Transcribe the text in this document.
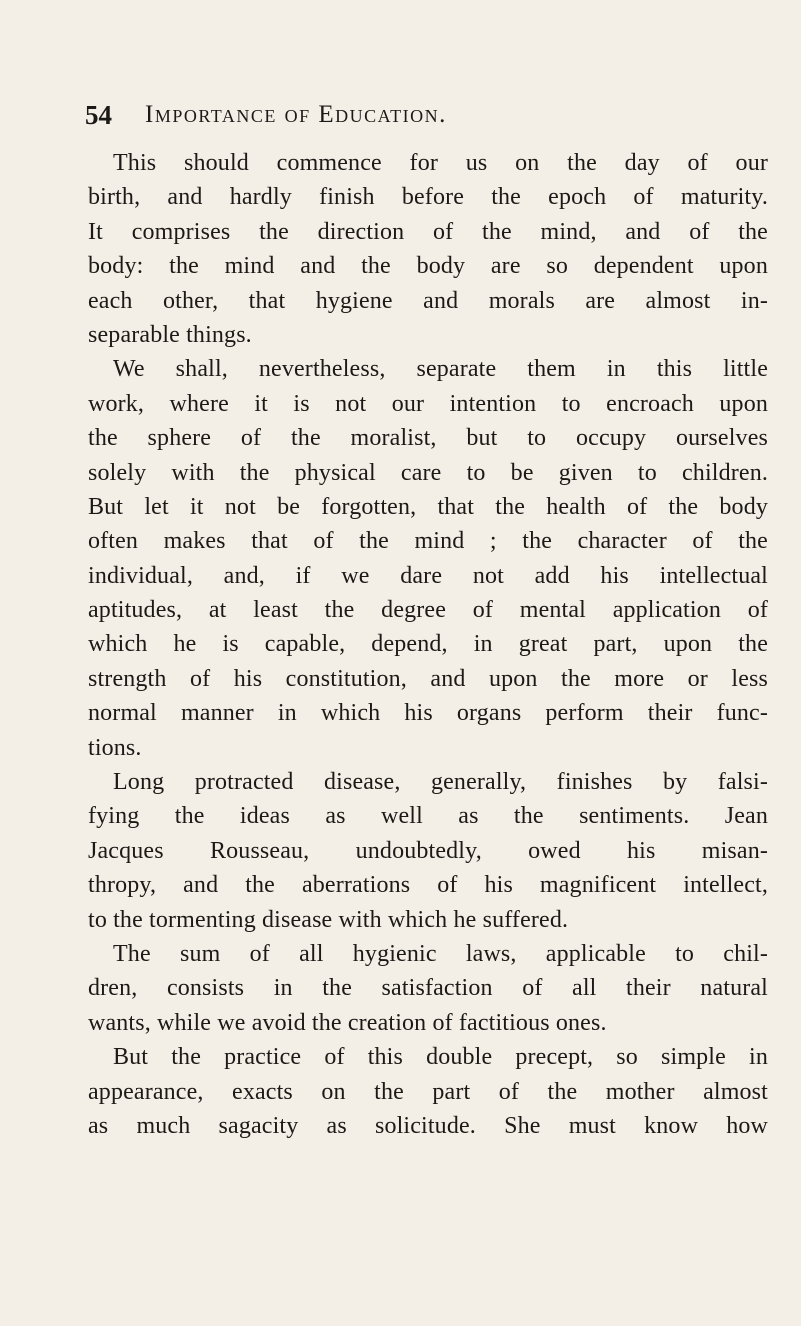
54 Importance of Education.
This should commence for us on the day of our
birth, and hardly finish before the epoch of maturity.
It comprises the direction of the mind, and of the
body: the mind and the body are so dependent upon
each other, that hygiene and morals are almost in-
separable things.
We shall, nevertheless, separate them in this little
work, where it is not our intention to encroach upon
the sphere of the moralist, but to occupy ourselves
solely with the physical care to be given to children.
But let it not be forgotten, that the health of the body
often makes that of the mind ; the character of the
individual, and, if we dare not add his intellectual
aptitudes, at least the degree of mental application of
which he is capable, depend, in great part, upon the
strength of his constitution, and upon the more or less
normal manner in which his organs perform their func-
tions.
Long protracted disease, generally, finishes by falsi-
fying the ideas as well as the sentiments. Jean
Jacques Rousseau, undoubtedly, owed his misan-
thropy, and the aberrations of his magnificent intellect,
to the tormenting disease with which he suffered.
The sum of all hygienic laws, applicable to chil-
dren, consists in the satisfaction of all their natural
wants, while we avoid the creation of factitious ones.
But the practice of this double precept, so simple in
appearance, exacts on the part of the mother almost
as much sagacity as solicitude. She must know how
